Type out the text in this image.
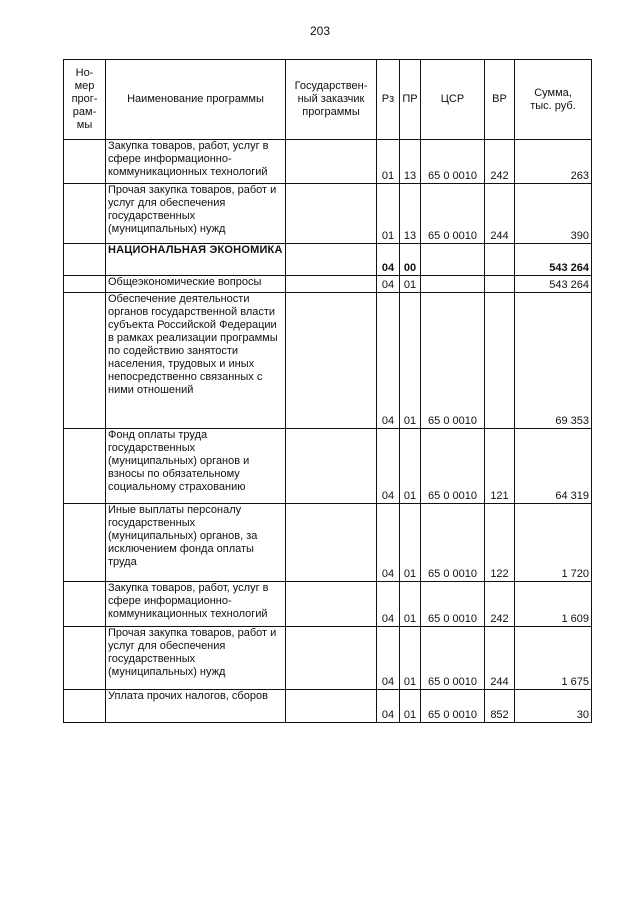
203
Но-
мер
прог-
рам-
мы	Наименование программы	Государствен-
ный заказчик
программы	Рз	ПР	ЦСР	ВР	Сумма,
тыс. руб.
	Закупка товаров, работ, услуг в сфере информационно-коммуникационных технологий		01	13	65 0 0010	242	263
	Прочая закупка товаров, работ и услуг для обеспечения государственных (муниципальных) нужд		01	13	65 0 0010	244	390
	НАЦИОНАЛЬНАЯ ЭКОНОМИКА		04	00			543 264
	Общеэкономические вопросы		04	01			543 264
	Обеспечение деятельности органов государственной власти субъекта Российской Федерации в рамках реализации программы по содействию занятости населения, трудовых и иных непосредственно связанных с ними отношений		04	01	65 0 0010		69 353
	Фонд оплаты труда государственных (муниципальных) органов и взносы по обязательному социальному страхованию		04	01	65 0 0010	121	64 319
	Иные выплаты персоналу государственных (муниципальных) органов, за исключением фонда оплаты труда		04	01	65 0 0010	122	1 720
	Закупка товаров, работ, услуг в сфере информационно-коммуникационных технологий		04	01	65 0 0010	242	1 609
	Прочая закупка товаров, работ и услуг для обеспечения государственных (муниципальных) нужд		04	01	65 0 0010	244	1 675
	Уплата прочих налогов, сборов		04	01	65 0 0010	852	30
